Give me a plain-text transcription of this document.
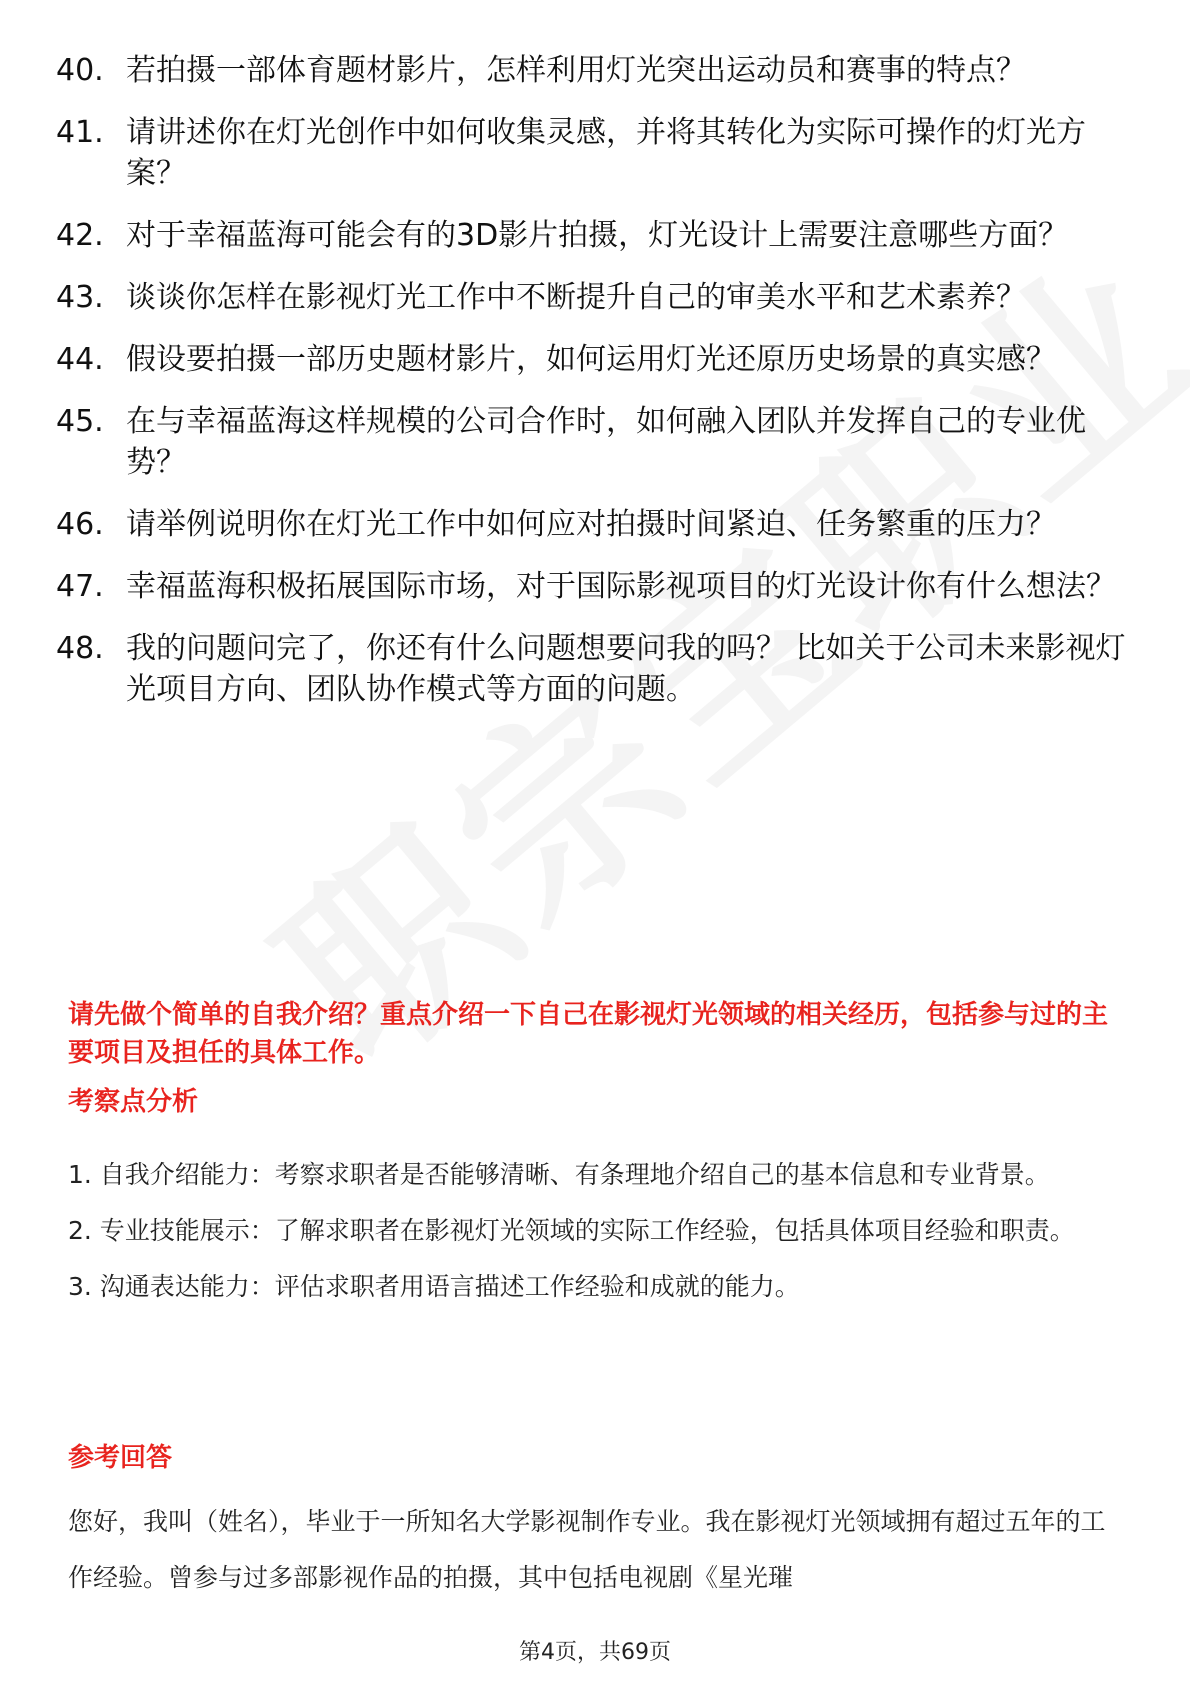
40. 若拍摄一部体育题材影片，怎样利用灯光突出运动员和赛事的特点？
41. 请讲述你在灯光创作中如何收集灵感，并将其转化为实际可操作的灯光方案？
42. 对于幸福蓝海可能会有的3D影片拍摄，灯光设计上需要注意哪些方面？
43. 谈谈你怎样在影视灯光工作中不断提升自己的审美水平和艺术素养？
44. 假设要拍摄一部历史题材影片，如何运用灯光还原历史场景的真实感？
45. 在与幸福蓝海这样规模的公司合作时，如何融入团队并发挥自己的专业优势？
46. 请举例说明你在灯光工作中如何应对拍摄时间紧迫、任务繁重的压力？
47. 幸福蓝海积极拓展国际市场，对于国际影视项目的灯光设计你有什么想法？
48. 我的问题问完了，你还有什么问题想要问我的吗？ 比如关于公司未来影视灯光项目方向、团队协作模式等方面的问题。

请先做个简单的自我介绍？重点介绍一下自己在影视灯光领域的相关经历，包括参与过的主要项目及担任的具体工作。

考察点分析
1. 自我介绍能力：考察求职者是否能够清晰、有条理地介绍自己的基本信息和专业背景。
2. 专业技能展示：了解求职者在影视灯光领域的实际工作经验，包括具体项目经验和职责。
3. 沟通表达能力：评估求职者用语言描述工作经验和成就的能力。
参考回答

您好，我叫（姓名），毕业于一所知名大学影视制作专业。我在影视灯光领域拥有超过五年的工作经验。曾参与过多部影视作品的拍摄，其中包括电视剧《星光璀

第4页，共69页
